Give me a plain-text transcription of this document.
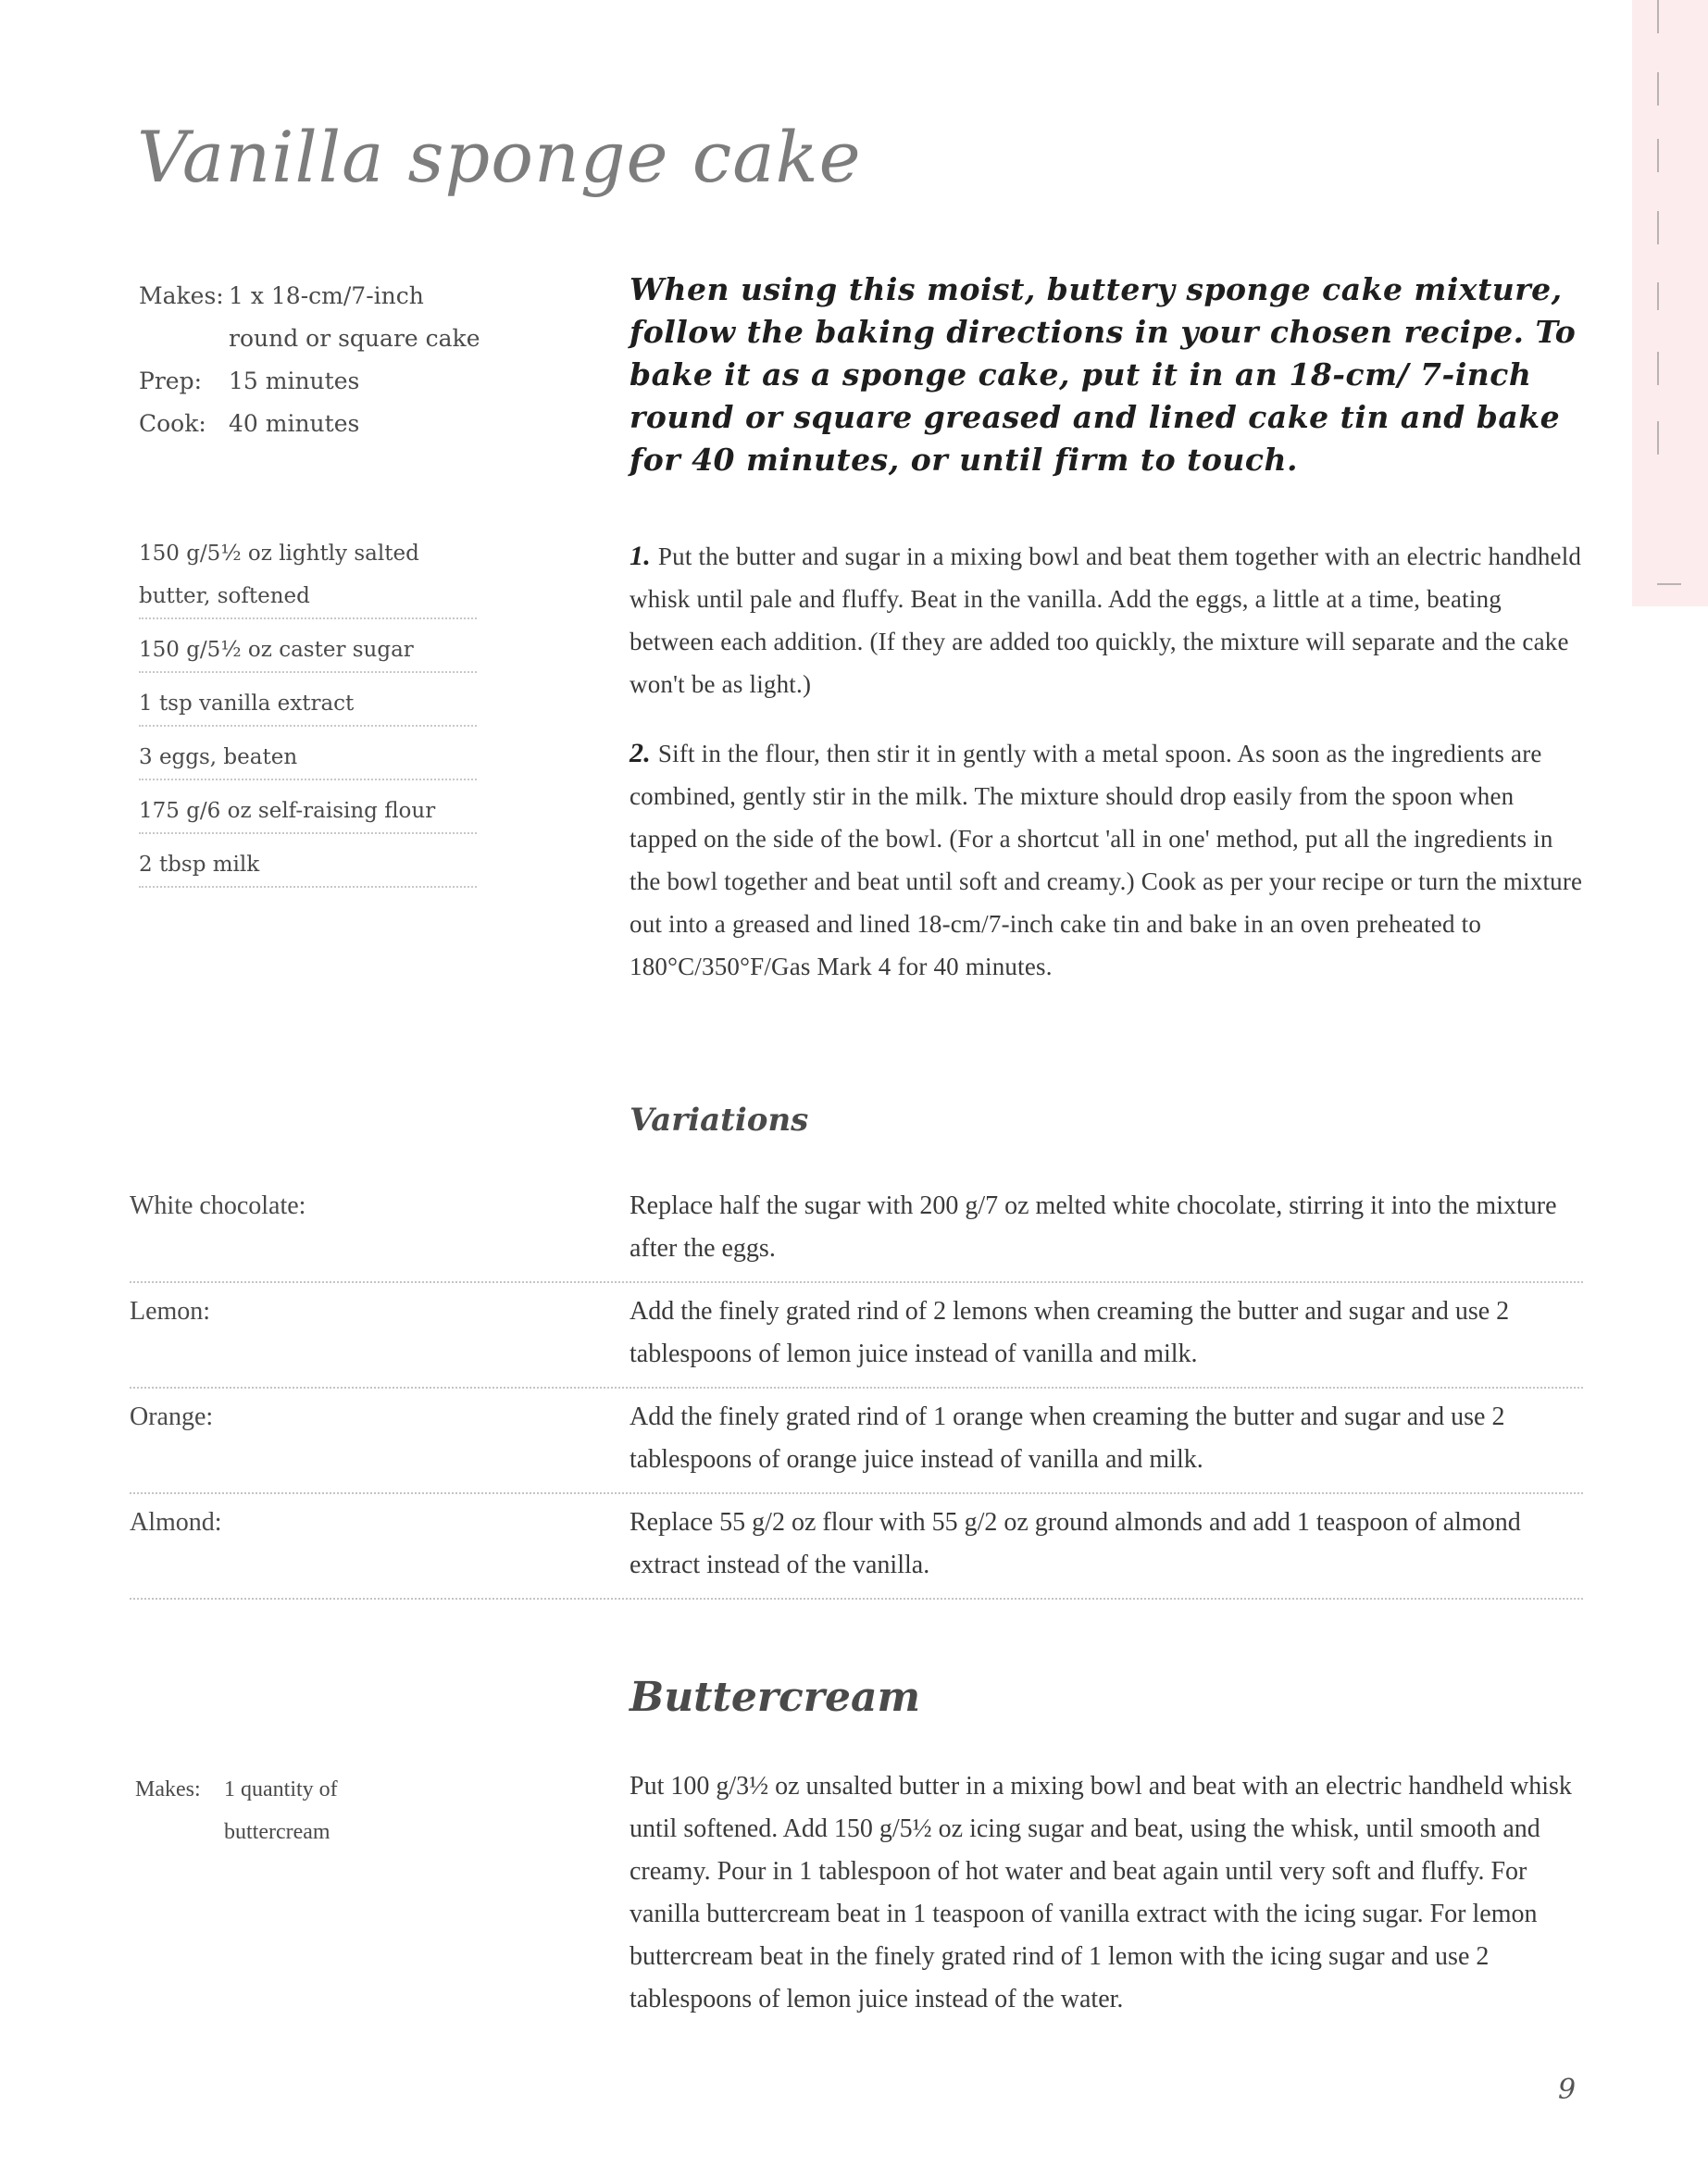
Vanilla sponge cake
Makes: 1 x 18-cm/7-inch
round or square cake
Prep:	15 minutes
Cook: 40 minutes

When using this moist, buttery sponge cake mixture, follow the baking directions in your chosen recipe. To bake it as a sponge cake, put it in an 18-cm/ 7-inch round or square greased and lined cake tin and bake for 40 minutes, or until firm to touch.

150 g/5½ oz lightly salted butter, softened
150 g/5½ oz caster sugar
1 tsp vanilla extract
3 eggs, beaten
175 g/6 oz self-raising flour
2 tbsp milk

1. Put the butter and sugar in a mixing bowl and beat them together with an electric handheld whisk until pale and fluffy. Beat in the vanilla. Add the eggs, a little at a time, beating between each addition. (If they are added too quickly, the mixture will separate and the cake won't be as light.)

2. Sift in the flour, then stir it in gently with a metal spoon. As soon as the ingredients are combined, gently stir in the milk. The mixture should drop easily from the spoon when tapped on the side of the bowl. (For a shortcut 'all in one' method, put all the ingredients in the bowl together and beat until soft and creamy.) Cook as per your recipe or turn the mixture out into a greased and lined 18-cm/7-inch cake tin and bake in an oven preheated to 180°C/350°F/Gas Mark 4 for 40 minutes.

Variations
White chocolate:	Replace half the sugar with 200 g/7 oz melted white chocolate, stirring it into the mixture after the eggs.
Lemon:	Add the finely grated rind of 2 lemons when creaming the butter and sugar and use 2 tablespoons of lemon juice instead of vanilla and milk.
Orange:	Add the finely grated rind of 1 orange when creaming the butter and sugar and use 2 tablespoons of orange juice instead of vanilla and milk.
Almond:	Replace 55 g/2 oz flour with 55 g/2 oz ground almonds and add 1 teaspoon of almond extract instead of the vanilla.
Buttercream
Makes:	1 quantity of
buttercream

Put 100 g/3½ oz unsalted butter in a mixing bowl and beat with an electric handheld whisk until softened. Add 150 g/5½ oz icing sugar and beat, using the whisk, until smooth and creamy. Pour in 1 tablespoon of hot water and beat again until very soft and fluffy. For vanilla buttercream beat in 1 teaspoon of vanilla extract with the icing sugar. For lemon buttercream beat in the finely grated rind of 1 lemon with the icing sugar and use 2 tablespoons of lemon juice instead of the water.

9
